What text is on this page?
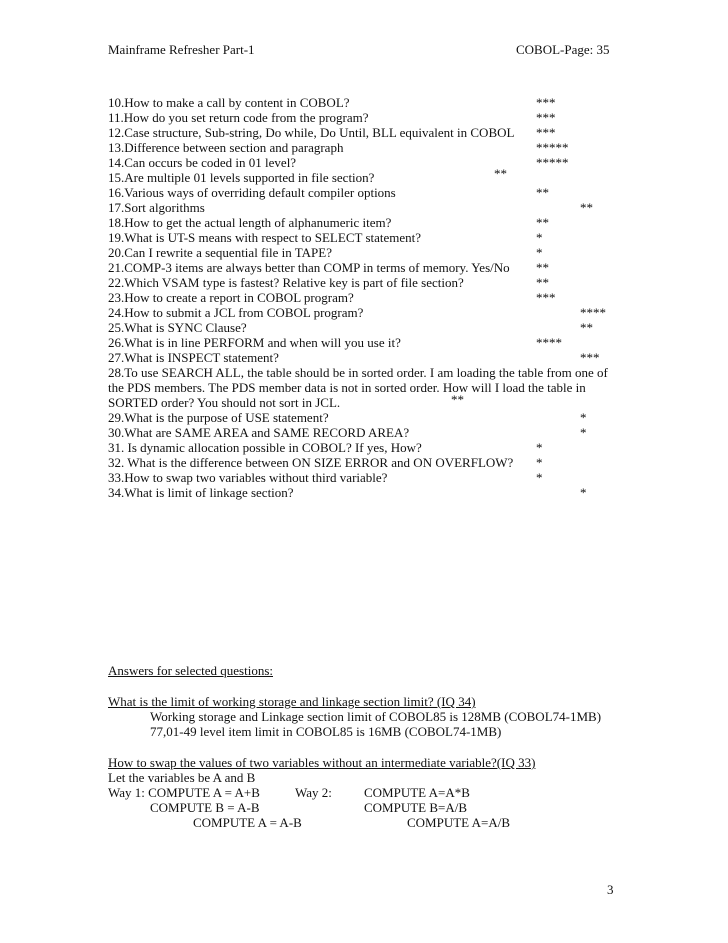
Mainframe Refresher Part-1	COBOL-Page: 35
10.How to make a call by content in COBOL?	***
11.How do you set return code from the program?	***
12.Case structure, Sub-string, Do while, Do Until, BLL equivalent in COBOL ***
13.Difference between section and paragraph	*****
14.Can occurs be coded in 01 level?	*****
15.Are multiple 01 levels supported in file section?	**
16.Various ways of overriding default compiler options	**
17.Sort algorithms	**
18.How to get the actual length of alphanumeric item?	**
19.What is UT-S means with respect to SELECT statement?	*
20.Can I rewrite a sequential file in TAPE?	*
21.COMP-3 items are always better than COMP in terms of memory. Yes/No **
22.Which VSAM type is fastest? Relative key is part of file section?	**
23.How to create a report in COBOL program?	***
24.How to submit a JCL from COBOL program?	****
25.What is SYNC Clause?	**
26.What is in line PERFORM and when will you use it?	****
27.What is INSPECT statement?	***
28.To use SEARCH ALL, the table should be in sorted order. I am loading the table from one of
the PDS members. The PDS member data is not in sorted order. How will I load the table in
SORTED order? You should not sort in JCL.	**
29.What is the purpose of USE statement?	*
30.What are SAME AREA and SAME RECORD AREA?	*
31. Is dynamic allocation possible in COBOL? If yes, How?	*
32. What is the difference between ON SIZE ERROR and ON OVERFLOW? *
33.How to swap two variables without third variable?	*
34.What is limit of linkage section?	*
Answers for selected questions:
What is the limit of working storage and linkage section limit? (IQ 34)
Working storage and Linkage section limit of COBOL85 is 128MB (COBOL74-1MB)
77,01-49 level item limit in COBOL85 is 16MB (COBOL74-1MB)
How to swap the values of two variables without an intermediate variable?(IQ 33)
Let the variables be A and B
Way 1: COMPUTE A = A+B	Way 2: COMPUTE A=A*B
COMPUTE B = A-B	COMPUTE B=A/B
COMPUTE A = A-B	COMPUTE A=A/B
3
